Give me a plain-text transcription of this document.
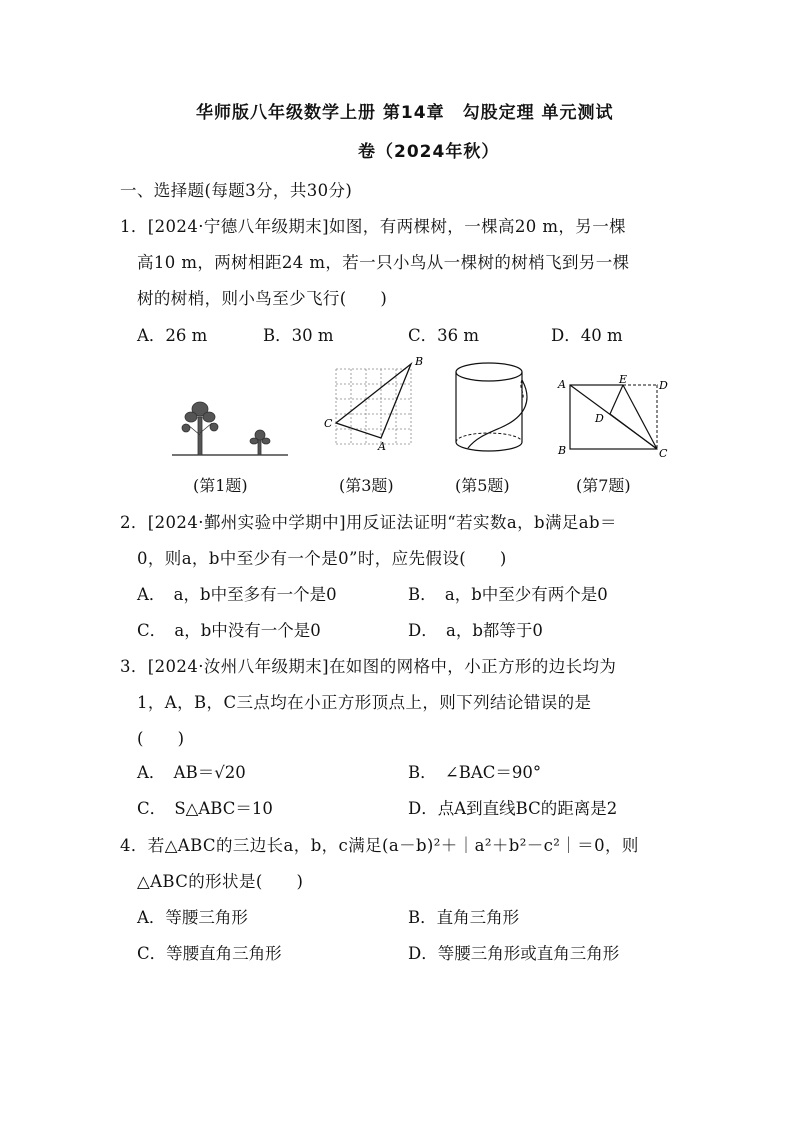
华师版八年级数学上册 第14章　勾股定理 单元测试
卷（2024年秋）
一、选择题(每题3分，共30分)
1．[2024·宁德八年级期末]如图，有两棵树，一棵高20 m，另一棵
高10 m，两树相距24 m，若一只小鸟从一棵树的树梢飞到另一棵
树的树梢，则小鸟至少飞行(　　)
A．26 m	B．30 m	C．36 m	D．40 m
B
C
A
A
B	C
D
D
E
(第1题)	(第3题)	(第5题)	(第7题)
2．[2024·鄞州实验中学期中]用反证法证明“若实数a，b满足ab＝
0，则a，b中至少有一个是0”时，应先假设(　　)
A．　a，b中至多有一个是0	B．　a，b中至少有两个是0
C．　a，b中没有一个是0	D．　a，b都等于0
3．[2024·汝州八年级期末]在如图的网格中，小正方形的边长均为
1，A，B，C三点均在小正方形顶点上，则下列结论错误的是
(　　)
A．　AB＝√20	B．　∠BAC＝90°
C．　S△ABC＝10	D．点A到直线BC的距离是2
4．若△ABC的三边长a，b，c满足(a－b)²＋｜a²＋b²－c²｜＝0，则
△ABC的形状是(　　)
A．等腰三角形	B．直角三角形
C．等腰直角三角形	D．等腰三角形或直角三角形
